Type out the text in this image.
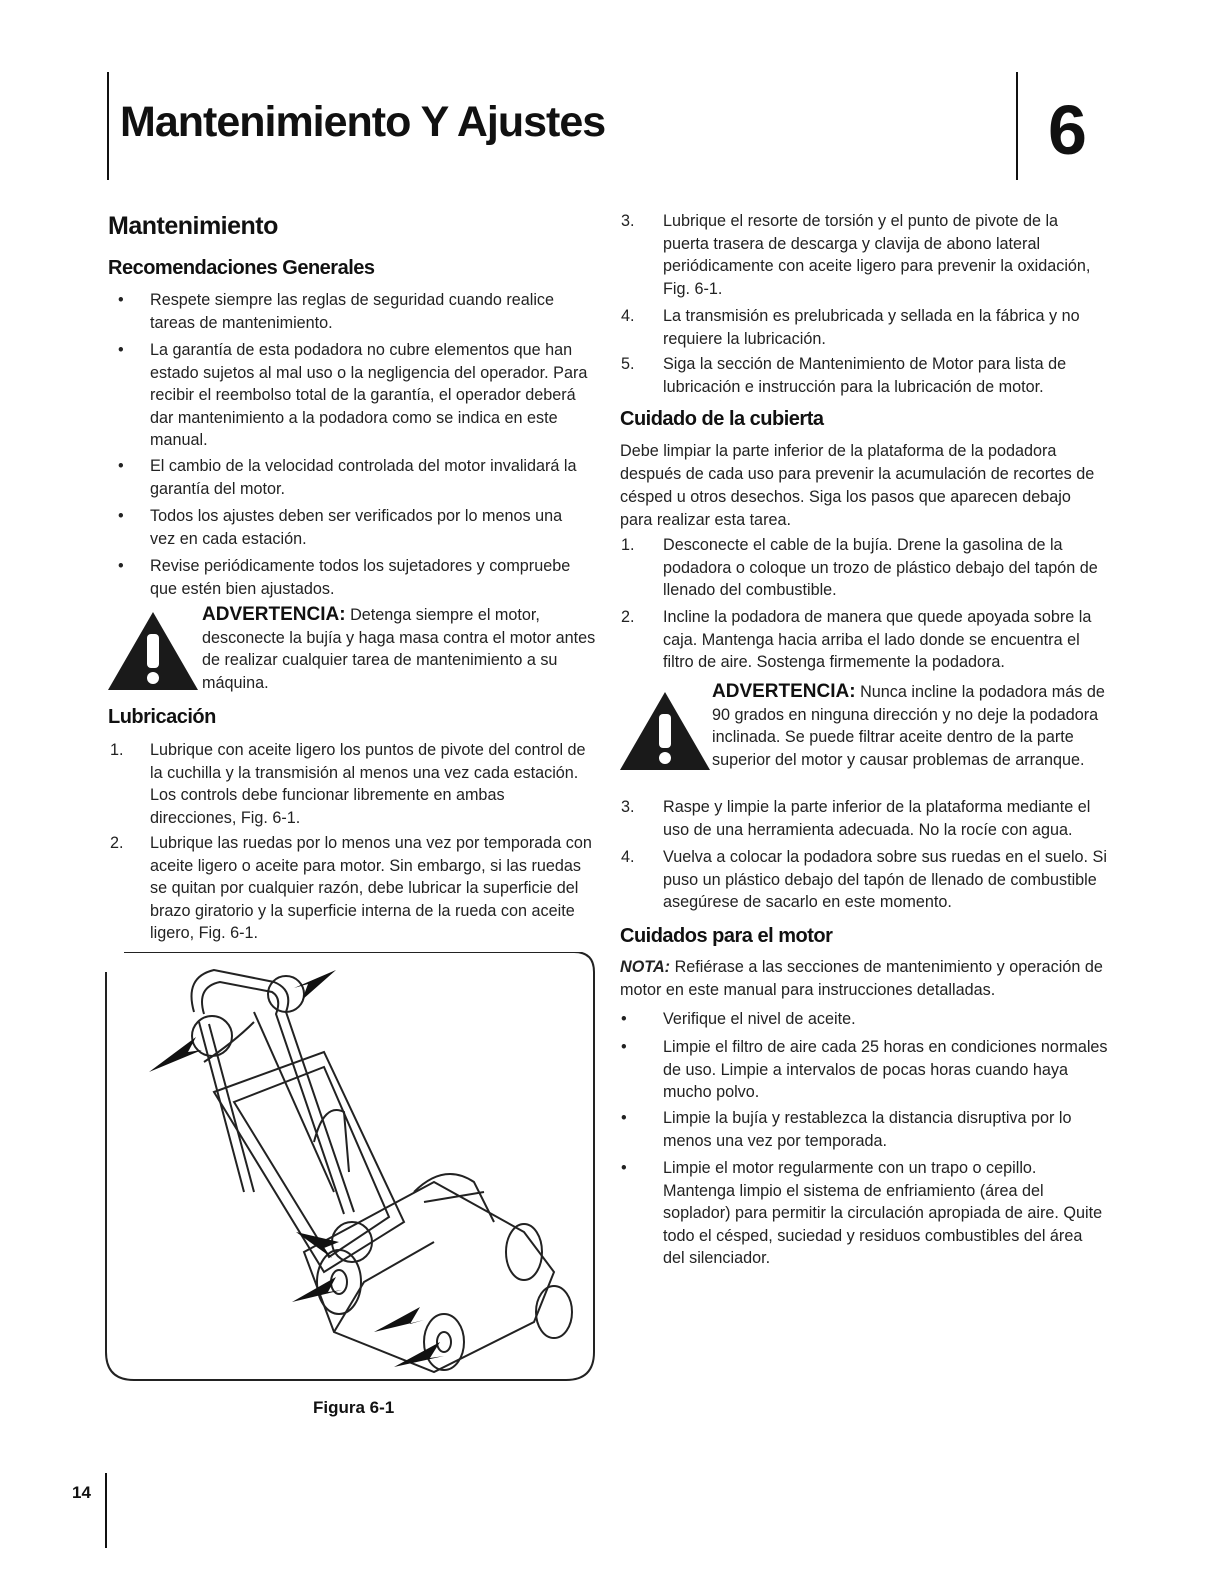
Mantenimiento Y Ajustes	6
Mantenimiento
Recomendaciones Generales
•	Respete siempre las reglas de seguridad cuando realice tareas de mantenimiento.
•	La garantía de esta podadora no cubre elementos que han estado sujetos al mal uso o la negligencia del operador. Para recibir el reembolso total de la garantía, el operador deberá dar mantenimiento a la podadora como se indica en este manual.
•	El cambio de la velocidad controlada del motor invalidará la garantía del motor.
•	Todos los ajustes deben ser verificados por lo menos una vez en cada estación.
•	Revise periódicamente todos los sujetadores y compruebe que estén bien ajustados.
ADVERTENCIA: Detenga siempre el motor, desconecte la bujía y haga masa contra el motor antes de realizar cualquier tarea de mantenimiento a su máquina.
Lubricación
1.	Lubrique con aceite ligero los puntos de pivote del control de la cuchilla y la transmisión al menos una vez cada estación. Los controls debe funcionar libremente en ambas direcciones, Fig. 6-1.
2.	Lubrique las ruedas por lo menos una vez por temporada con aceite ligero o aceite para motor. Sin embargo, si las ruedas se quitan por cualquier razón, debe lubricar la superficie del brazo giratorio y la superficie interna de la rueda con aceite ligero, Fig. 6-1.
Figura 6-1
3.	Lubrique el resorte de torsión y el punto de pivote de la puerta trasera de descarga y clavija de abono lateral periódicamente con aceite ligero para prevenir la oxidación, Fig. 6-1.
4.	La transmisión es prelubricada y sellada en la fábrica y no requiere la lubricación.
5.	Siga la sección de Mantenimiento de Motor para lista de lubricación e instrucción para la lubricación de motor.
Cuidado de la cubierta
Debe limpiar la parte inferior de la plataforma de la podadora después de cada uso para prevenir la acumulación de recortes de césped u otros desechos. Siga los pasos que aparecen debajo para realizar esta tarea.
1.	Desconecte el cable de la bujía. Drene la gasolina de la podadora o coloque un trozo de plástico debajo del tapón de llenado del combustible.
2.	Incline la podadora de manera que quede apoyada sobre la caja. Mantenga hacia arriba el lado donde se encuentra el filtro de aire. Sostenga firmemente la podadora.
ADVERTENCIA: Nunca incline la podadora más de 90 grados en ninguna dirección y no deje la podadora inclinada. Se puede filtrar aceite dentro de la parte superior del motor y causar problemas de arranque.
3.	Raspe y limpie la parte inferior de la plataforma mediante el uso de una herramienta adecuada. No la rocíe con agua.
4.	Vuelva a colocar la podadora sobre sus ruedas en el suelo. Si puso un plástico debajo del tapón de llenado de combustible asegúrese de sacarlo en este momento.
Cuidados para el motor
NOTA: Refiérase a las secciones de mantenimiento y operación de motor en este manual para instrucciones detalladas.
•	Verifique el nivel de aceite.
•	Limpie el filtro de aire cada 25 horas en condiciones normales de uso. Limpie a intervalos de pocas horas cuando haya mucho polvo.
•	Limpie la bujía y restablezca la distancia disruptiva por lo menos una vez por temporada.
•	Limpie el motor regularmente con un trapo o cepillo. Mantenga limpio el sistema de enfriamiento (área del soplador) para permitir la circulación apropiada de aire. Quite todo el césped, suciedad y residuos combustibles del área del silenciador.
14
